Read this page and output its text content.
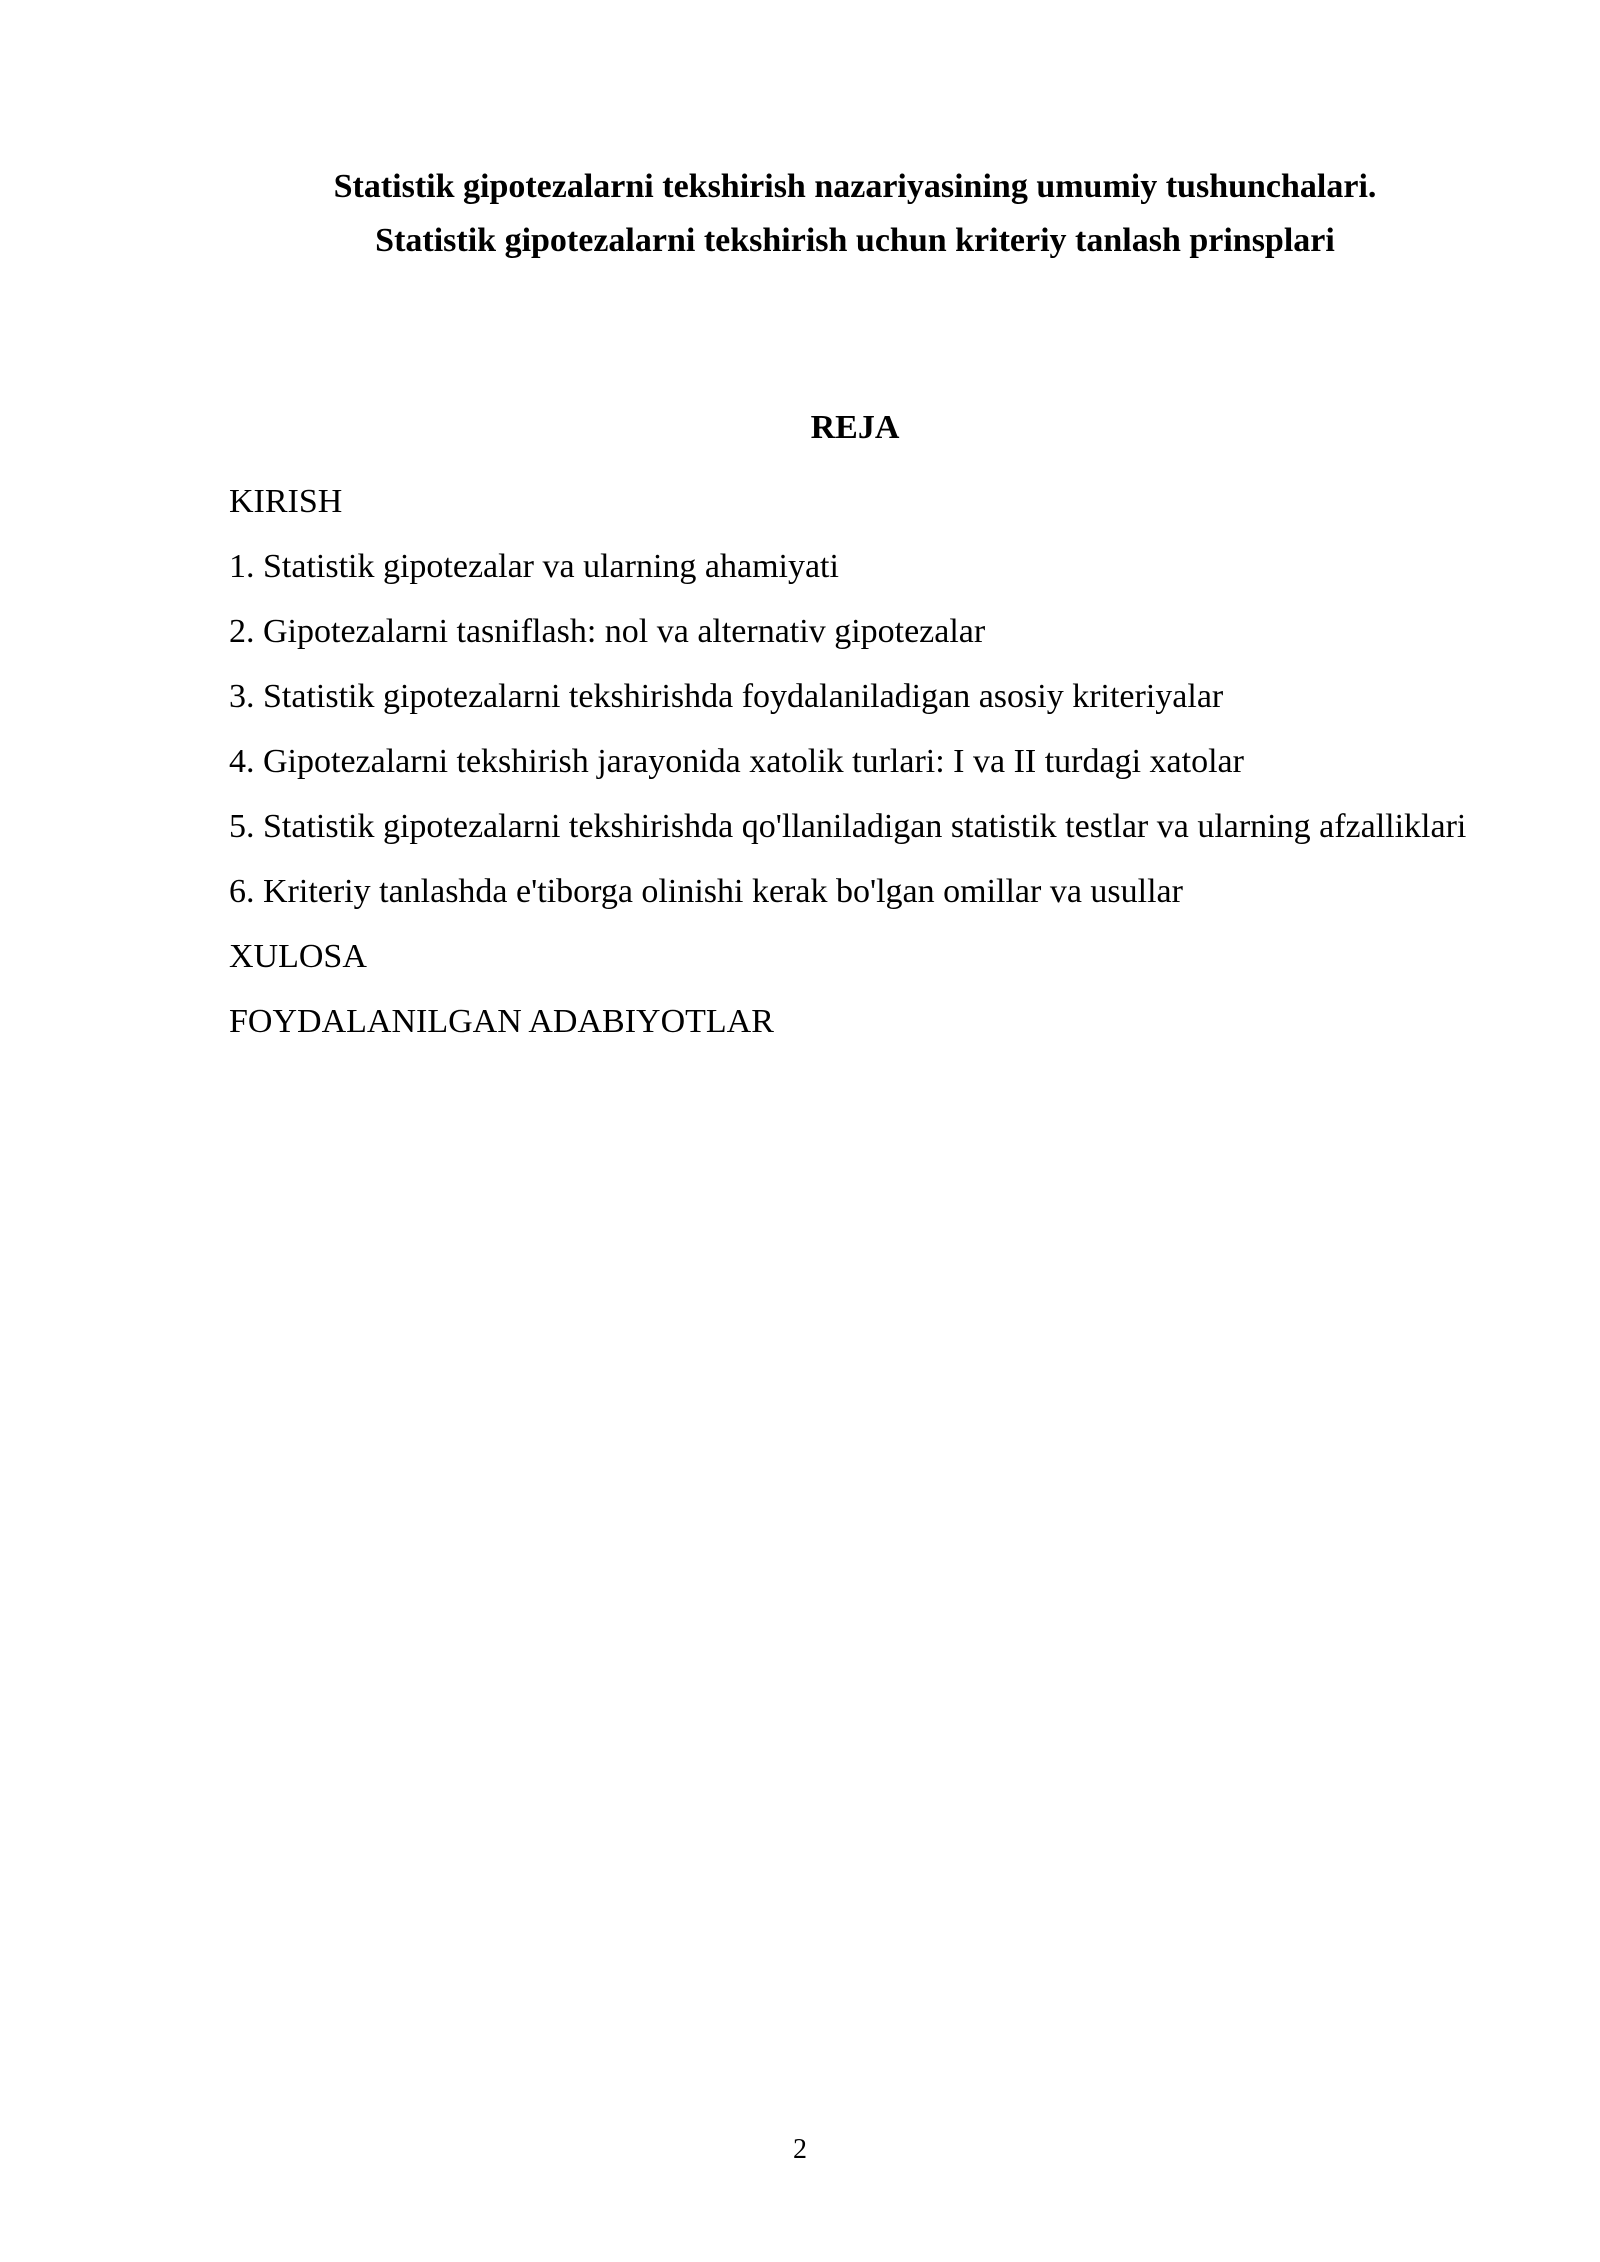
Statistik gipotezalarni tekshirish nazariyasining umumiy tushunchalari.
Statistik gipotezalarni tekshirish uchun kriteriy tanlash prinsplari
REJA
KIRISH
1. Statistik gipotezalar va ularning ahamiyati
2. Gipotezalarni tasniflash: nol va alternativ gipotezalar
3. Statistik gipotezalarni tekshirishda foydalaniladigan asosiy kriteriyalar
4. Gipotezalarni tekshirish jarayonida xatolik turlari: I va II turdagi xatolar
5. Statistik gipotezalarni tekshirishda qo'llaniladigan statistik testlar va ularning afzalliklari
6. Kriteriy tanlashda e'tiborga olinishi kerak bo'lgan omillar va usullar
XULOSA
FOYDALANILGAN ADABIYOTLAR
2
